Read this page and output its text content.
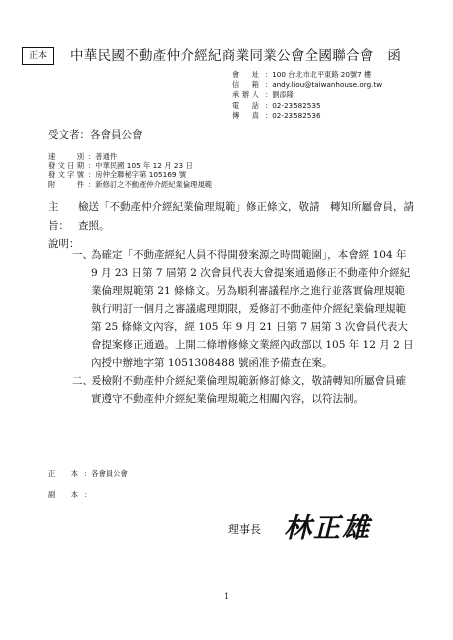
正本	中華民國不動產仲介經紀商業同業公會全國聯合會　函
會址 ： 100 台北市北平東路 20號7 樓
信箱 ： andy.liou@taiwanhouse.org.tw
承辦人 ： 劉添隆
電話 ： 02-23582535
傳真 ： 02-23582536
受文者：各會員公會
速別 ： 普通件
發文日期 ： 中華民國 105 年 12 月 23 日
發文字號 ： 房仲全聯秘字第 105169 號
附件 ： 新修訂之不動產仲介經紀業倫理規範
主旨：
檢送「不動產仲介經紀業倫理規範」修正條文，敬請　轉知所屬會員，請 查照。
說明：
一、
為確定「不動產經紀人員不得開發案源之時間範圍」，本會經 104 年 9 月 23 日第 7 屆第 2 次會員代表大會提案通過修正不動產仲介經紀業倫理規範第 21 條條文。另為順利審議程序之進行並落實倫理規範執行明訂一個月之審議處理期限，爰修訂不動產仲介經紀業倫理規範第 25 條條文內容，經 105 年 9 月 21 日第 7 屆第 3 次會員代表大會提案修正通過。上開二條增修條文業經內政部以 105 年 12 月 2 日內授中辦地字第 1051308488 號函准予備查在案。
二、
爰檢附不動產仲介經紀業倫理規範新修訂條文，敬請轉知所屬會員確實遵守不動產仲介經紀業倫理規範之相關內容，以符法制。
正本 ： 各會員公會
副本 ：
理事長 林正雄
1
